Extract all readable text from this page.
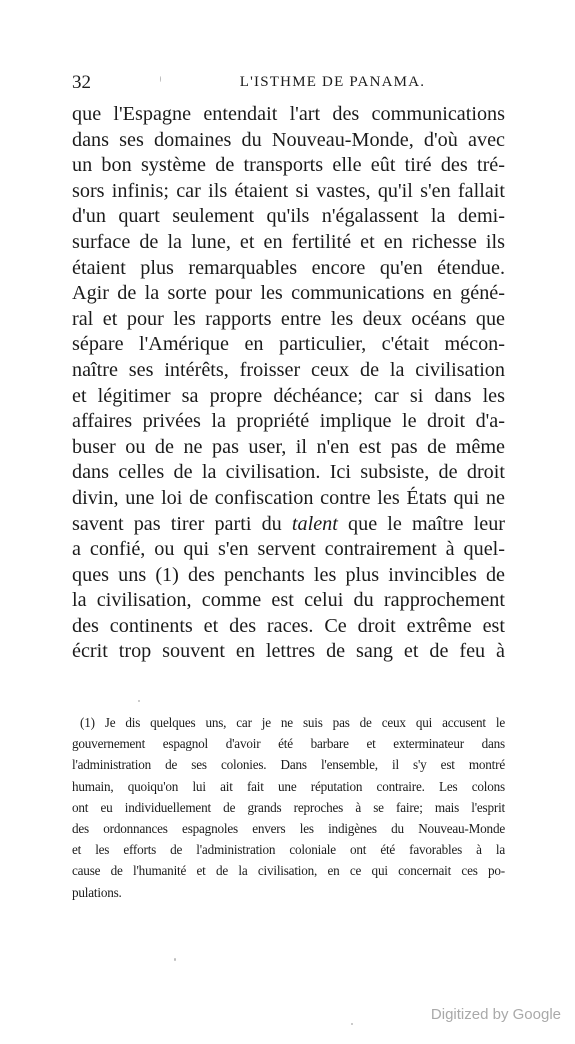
32	L'ISTHME DE PANAMA.
que l'Espagne entendait l'art des communications
dans ses domaines du Nouveau-Monde, d'où avec
un bon système de transports elle eût tiré des tré-
sors infinis; car ils étaient si vastes, qu'il s'en fallait
d'un quart seulement qu'ils n'égalassent la demi-
surface de la lune, et en fertilité et en richesse ils
étaient plus remarquables encore qu'en étendue.
Agir de la sorte pour les communications en géné-
ral et pour les rapports entre les deux océans que
sépare l'Amérique en particulier, c'était mécon-
naître ses intérêts, froisser ceux de la civilisation
et légitimer sa propre déchéance; car si dans les
affaires privées la propriété implique le droit d'a-
buser ou de ne pas user, il n'en est pas de même
dans celles de la civilisation. Ici subsiste, de droit
divin, une loi de confiscation contre les États qui ne
savent pas tirer parti du talent que le maître leur
a confié, ou qui s'en servent contrairement à quel-
ques uns (1) des penchants les plus invincibles de
la civilisation, comme est celui du rapprochement
des continents et des races. Ce droit extrême est
écrit trop souvent en lettres de sang et de feu à
(1) Je dis quelques uns, car je ne suis pas de ceux qui accusent le
gouvernement espagnol d'avoir été barbare et exterminateur dans
l'administration de ses colonies. Dans l'ensemble, il s'y est montré
humain, quoiqu'on lui ait fait une réputation contraire. Les colons
ont eu individuellement de grands reproches à se faire; mais l'esprit
des ordonnances espagnoles envers les indigènes du Nouveau-Monde
et les efforts de l'administration coloniale ont été favorables à la
cause de l'humanité et de la civilisation, en ce qui concernait ces po-
pulations.
Digitized by Google
